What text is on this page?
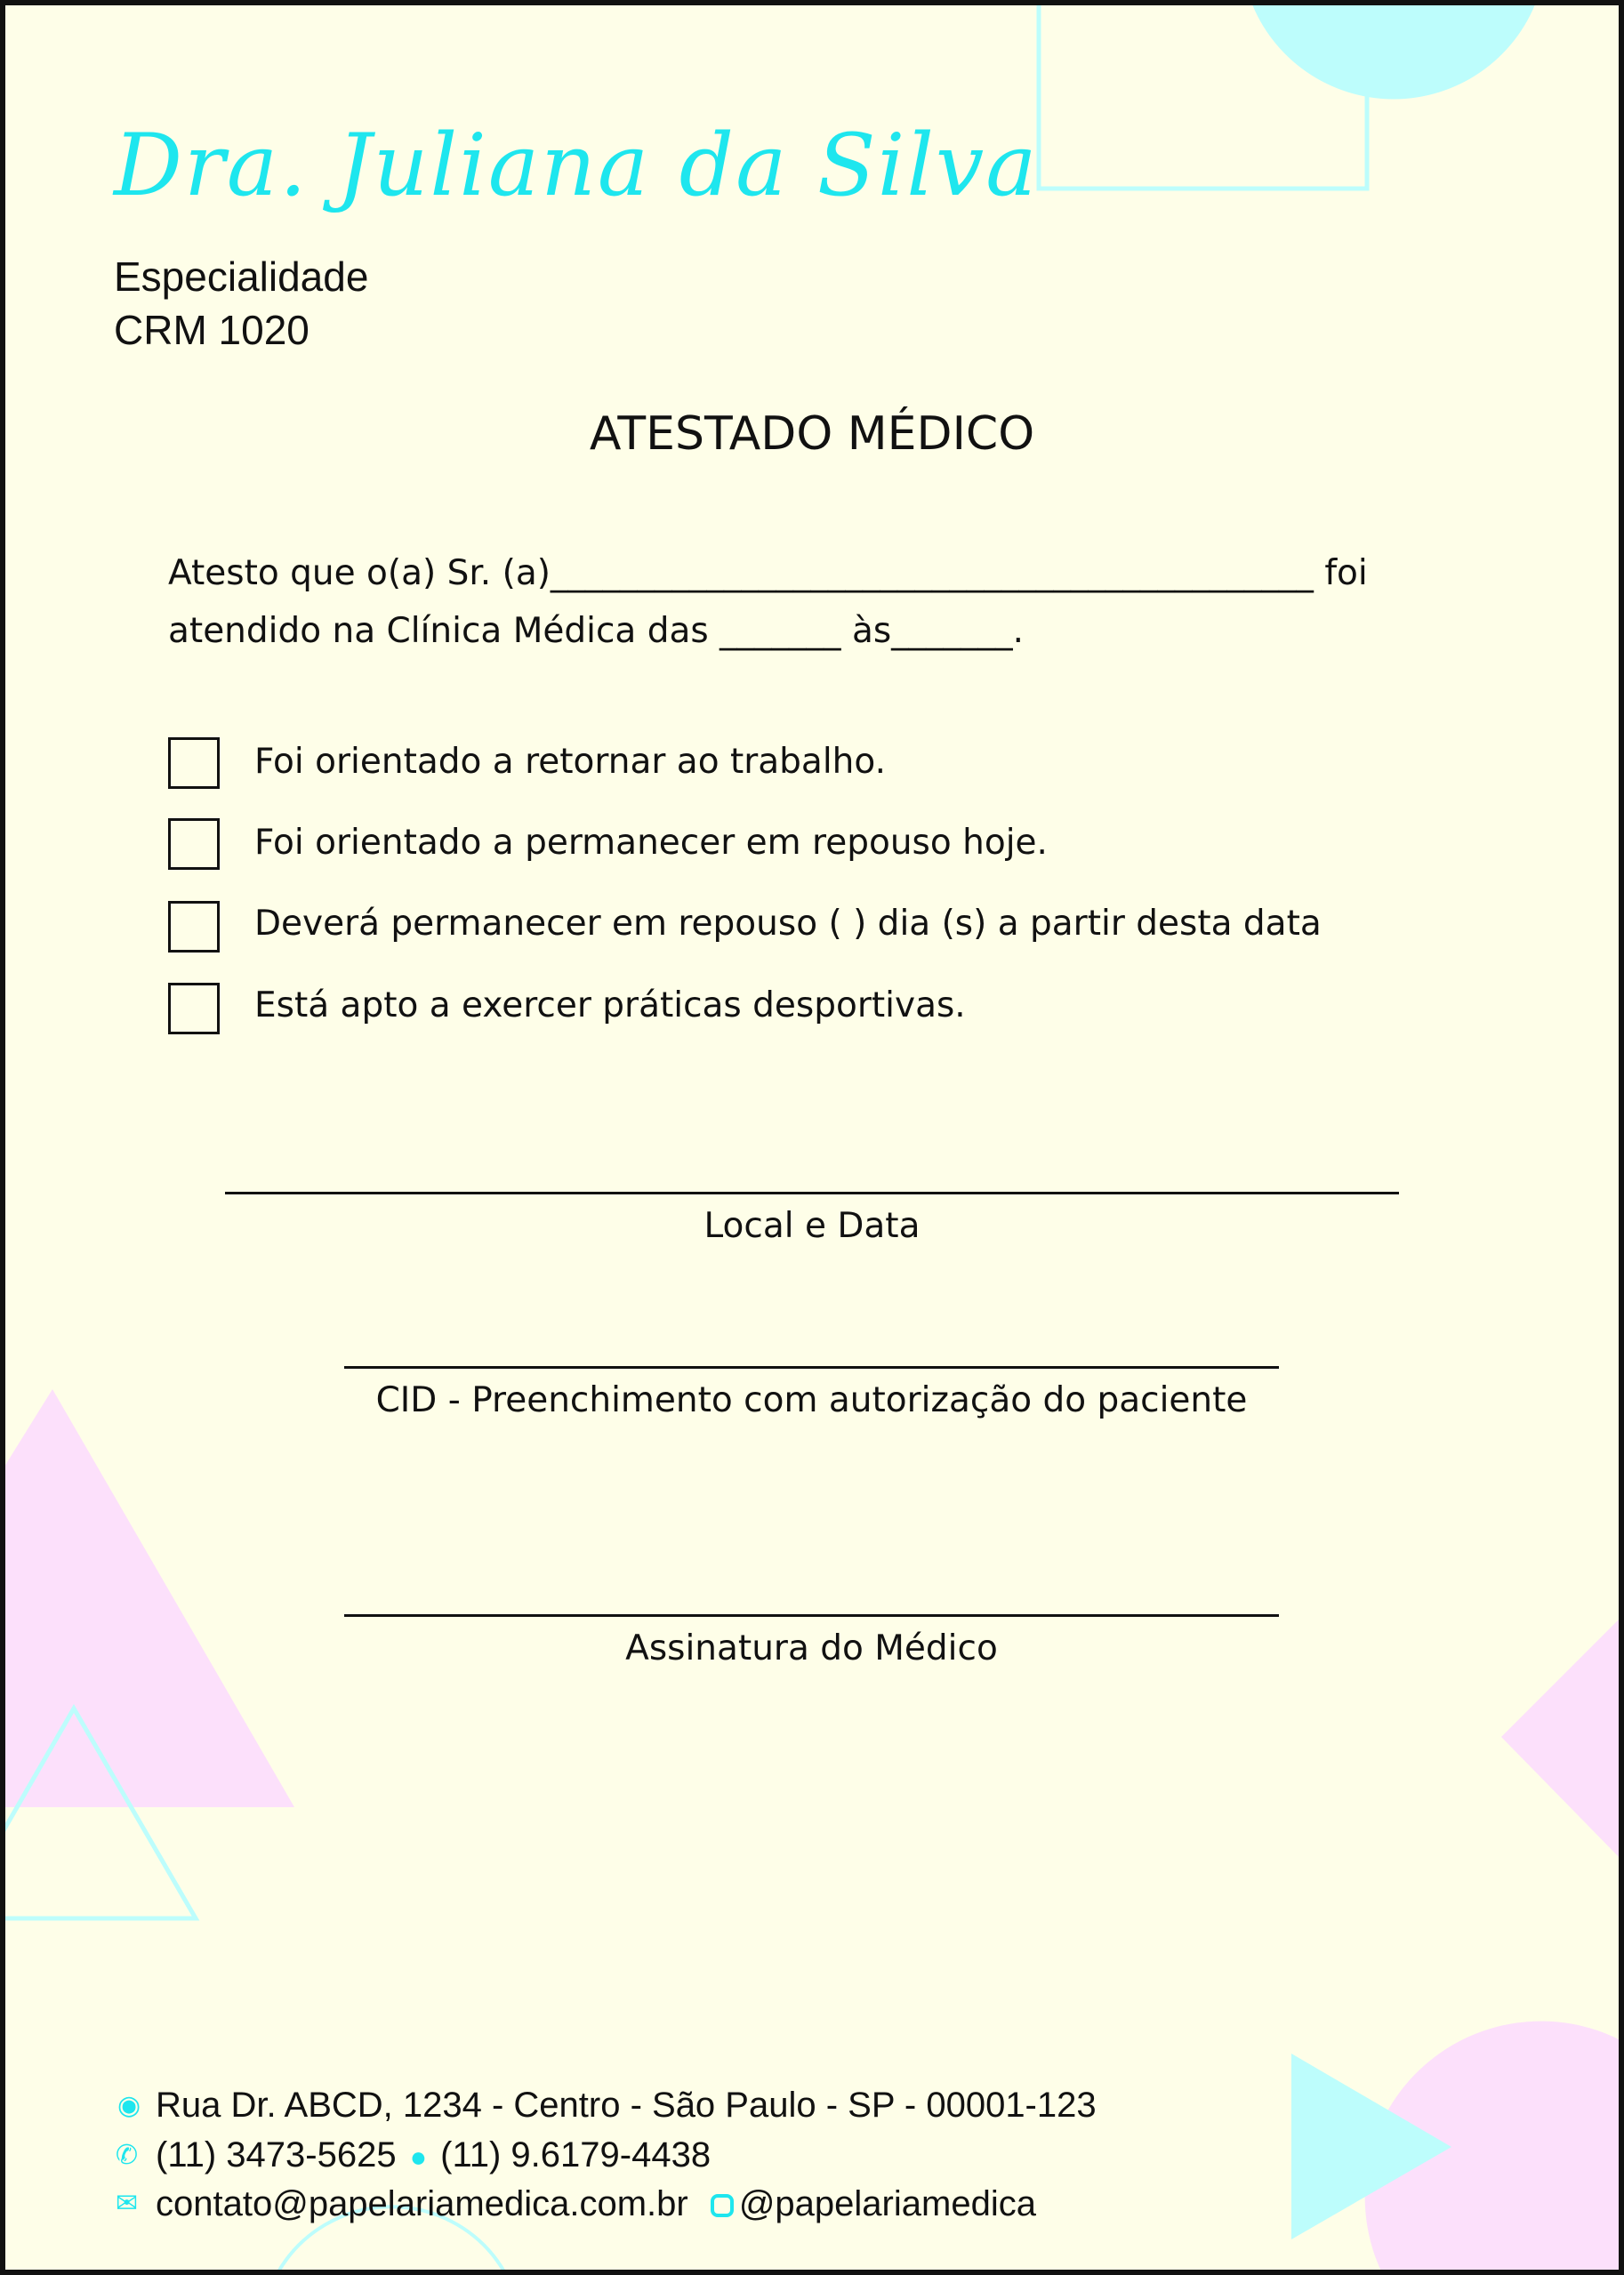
Dra. Juliana da Silva
Especialidade
CRM 1020
ATESTADO MÉDICO
Atesto que o(a) Sr. (a)____________________________________________ foi
atendido na Clínica Médica das _______ às_______.
Foi orientado a retornar ao trabalho.
Foi orientado a permanecer em repouso hoje.
Deverá permanecer em repouso ( ) dia (s) a partir desta data
Está apto a exercer práticas desportivas.
Local e Data
CID - Preenchimento com autorização do paciente
Assinatura do Médico
◉ Rua Dr. ABCD, 1234 - Centro - São Paulo - SP - 00001-123
✆ (11) 3473-5625 ● (11) 9.6179-4438
✉ contato@papelariamedica.com.br @papelariamedica
